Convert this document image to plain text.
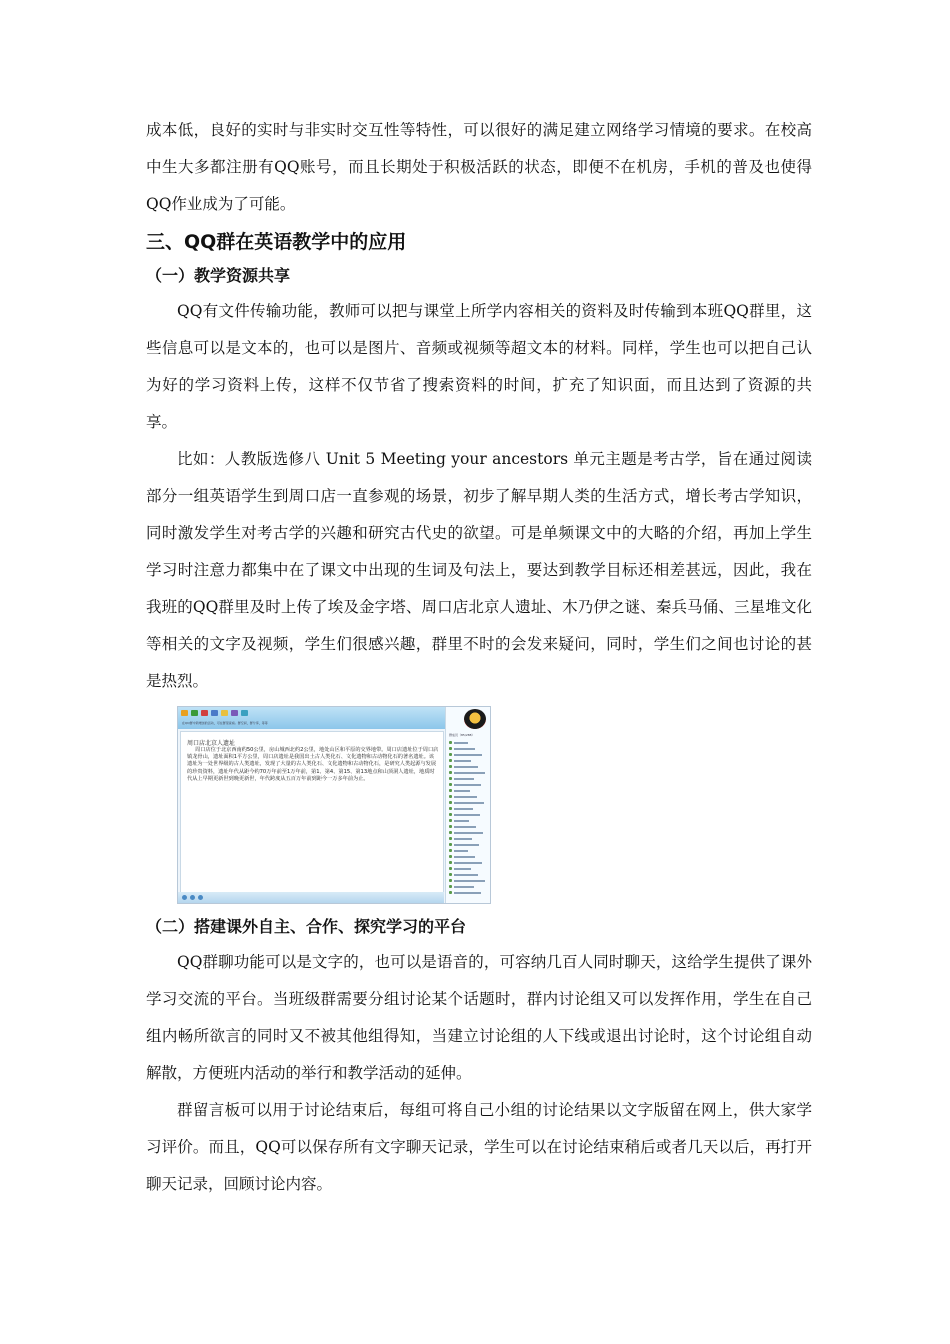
成本低，良好的实时与非实时交互性等特性，可以很好的满足建立网络学习情境的要求。在校高中生大多都注册有QQ账号，而且长期处于积极活跃的状态，即便不在机房，手机的普及也使得QQ作业成为了可能。

三、QQ群在英语教学中的应用
（一）教学资源共享

QQ有文件传输功能，教师可以把与课堂上所学内容相关的资料及时传输到本班QQ群里，这些信息可以是文本的，也可以是图片、音频或视频等超文本的材料。同样，学生也可以把自己认为好的学习资料上传，这样不仅节省了搜索资料的时间，扩充了知识面，而且达到了资源的共享。

比如：人教版选修八 Unit 5 Meeting your ancestors 单元主题是考古学，旨在通过阅读部分一组英语学生到周口店一直参观的场景，初步了解早期人类的生活方式，增长考古学知识，同时激发学生对考古学的兴趣和研究古代史的欲望。可是单频课文中的大略的介绍，再加上学生学习时注意力都集中在了课文中出现的生词及句法上，要达到教学目标还相差甚远，因此，我在我班的QQ群里及时上传了埃及金字塔、周口店北京人遗址、木乃伊之谜、秦兵马俑、三星堆文化等相关的文字及视频，学生们很感兴趣，群里不时的会发来疑问，同时，学生们之间也讨论的甚是热烈。

在QQ群中新增加的活动，可在群里查看。群空间，群分享，等等
周口店北京人遗址
周口店位于北京西南约50公里，房山城西北约2公里，地处山区和平原的交界地带。周口店遗址位于周口店镇龙骨山，遗址面积1平方公里，周口店遗址是我国出土古人类化石、文化遗物和古动物化石的著名遗址。该遗址为一处世界级的古人类遗址，发现了大量的古人类化石、文化遗物和古动物化石，是研究人类起源与发展的珍贵资料，遗址年代从距今约70万年前至1万年前，第1、第4、第15、第13地点和山顶洞人遗址，地质时代从上早期更新世到晚更新世，年代跨度从五百万年前到距今一万多年前为止。
群成员（85/288）
（二）搭建课外自主、合作、探究学习的平台

QQ群聊功能可以是文字的，也可以是语音的，可容纳几百人同时聊天，这给学生提供了课外学习交流的平台。当班级群需要分组讨论某个话题时，群内讨论组又可以发挥作用，学生在自己组内畅所欲言的同时又不被其他组得知，当建立讨论组的人下线或退出讨论时，这个讨论组自动解散，方便班内活动的举行和教学活动的延伸。

群留言板可以用于讨论结束后，每组可将自己小组的讨论结果以文字版留在网上，供大家学习评价。而且，QQ可以保存所有文字聊天记录，学生可以在讨论结束稍后或者几天以后，再打开聊天记录，回顾讨论内容。
